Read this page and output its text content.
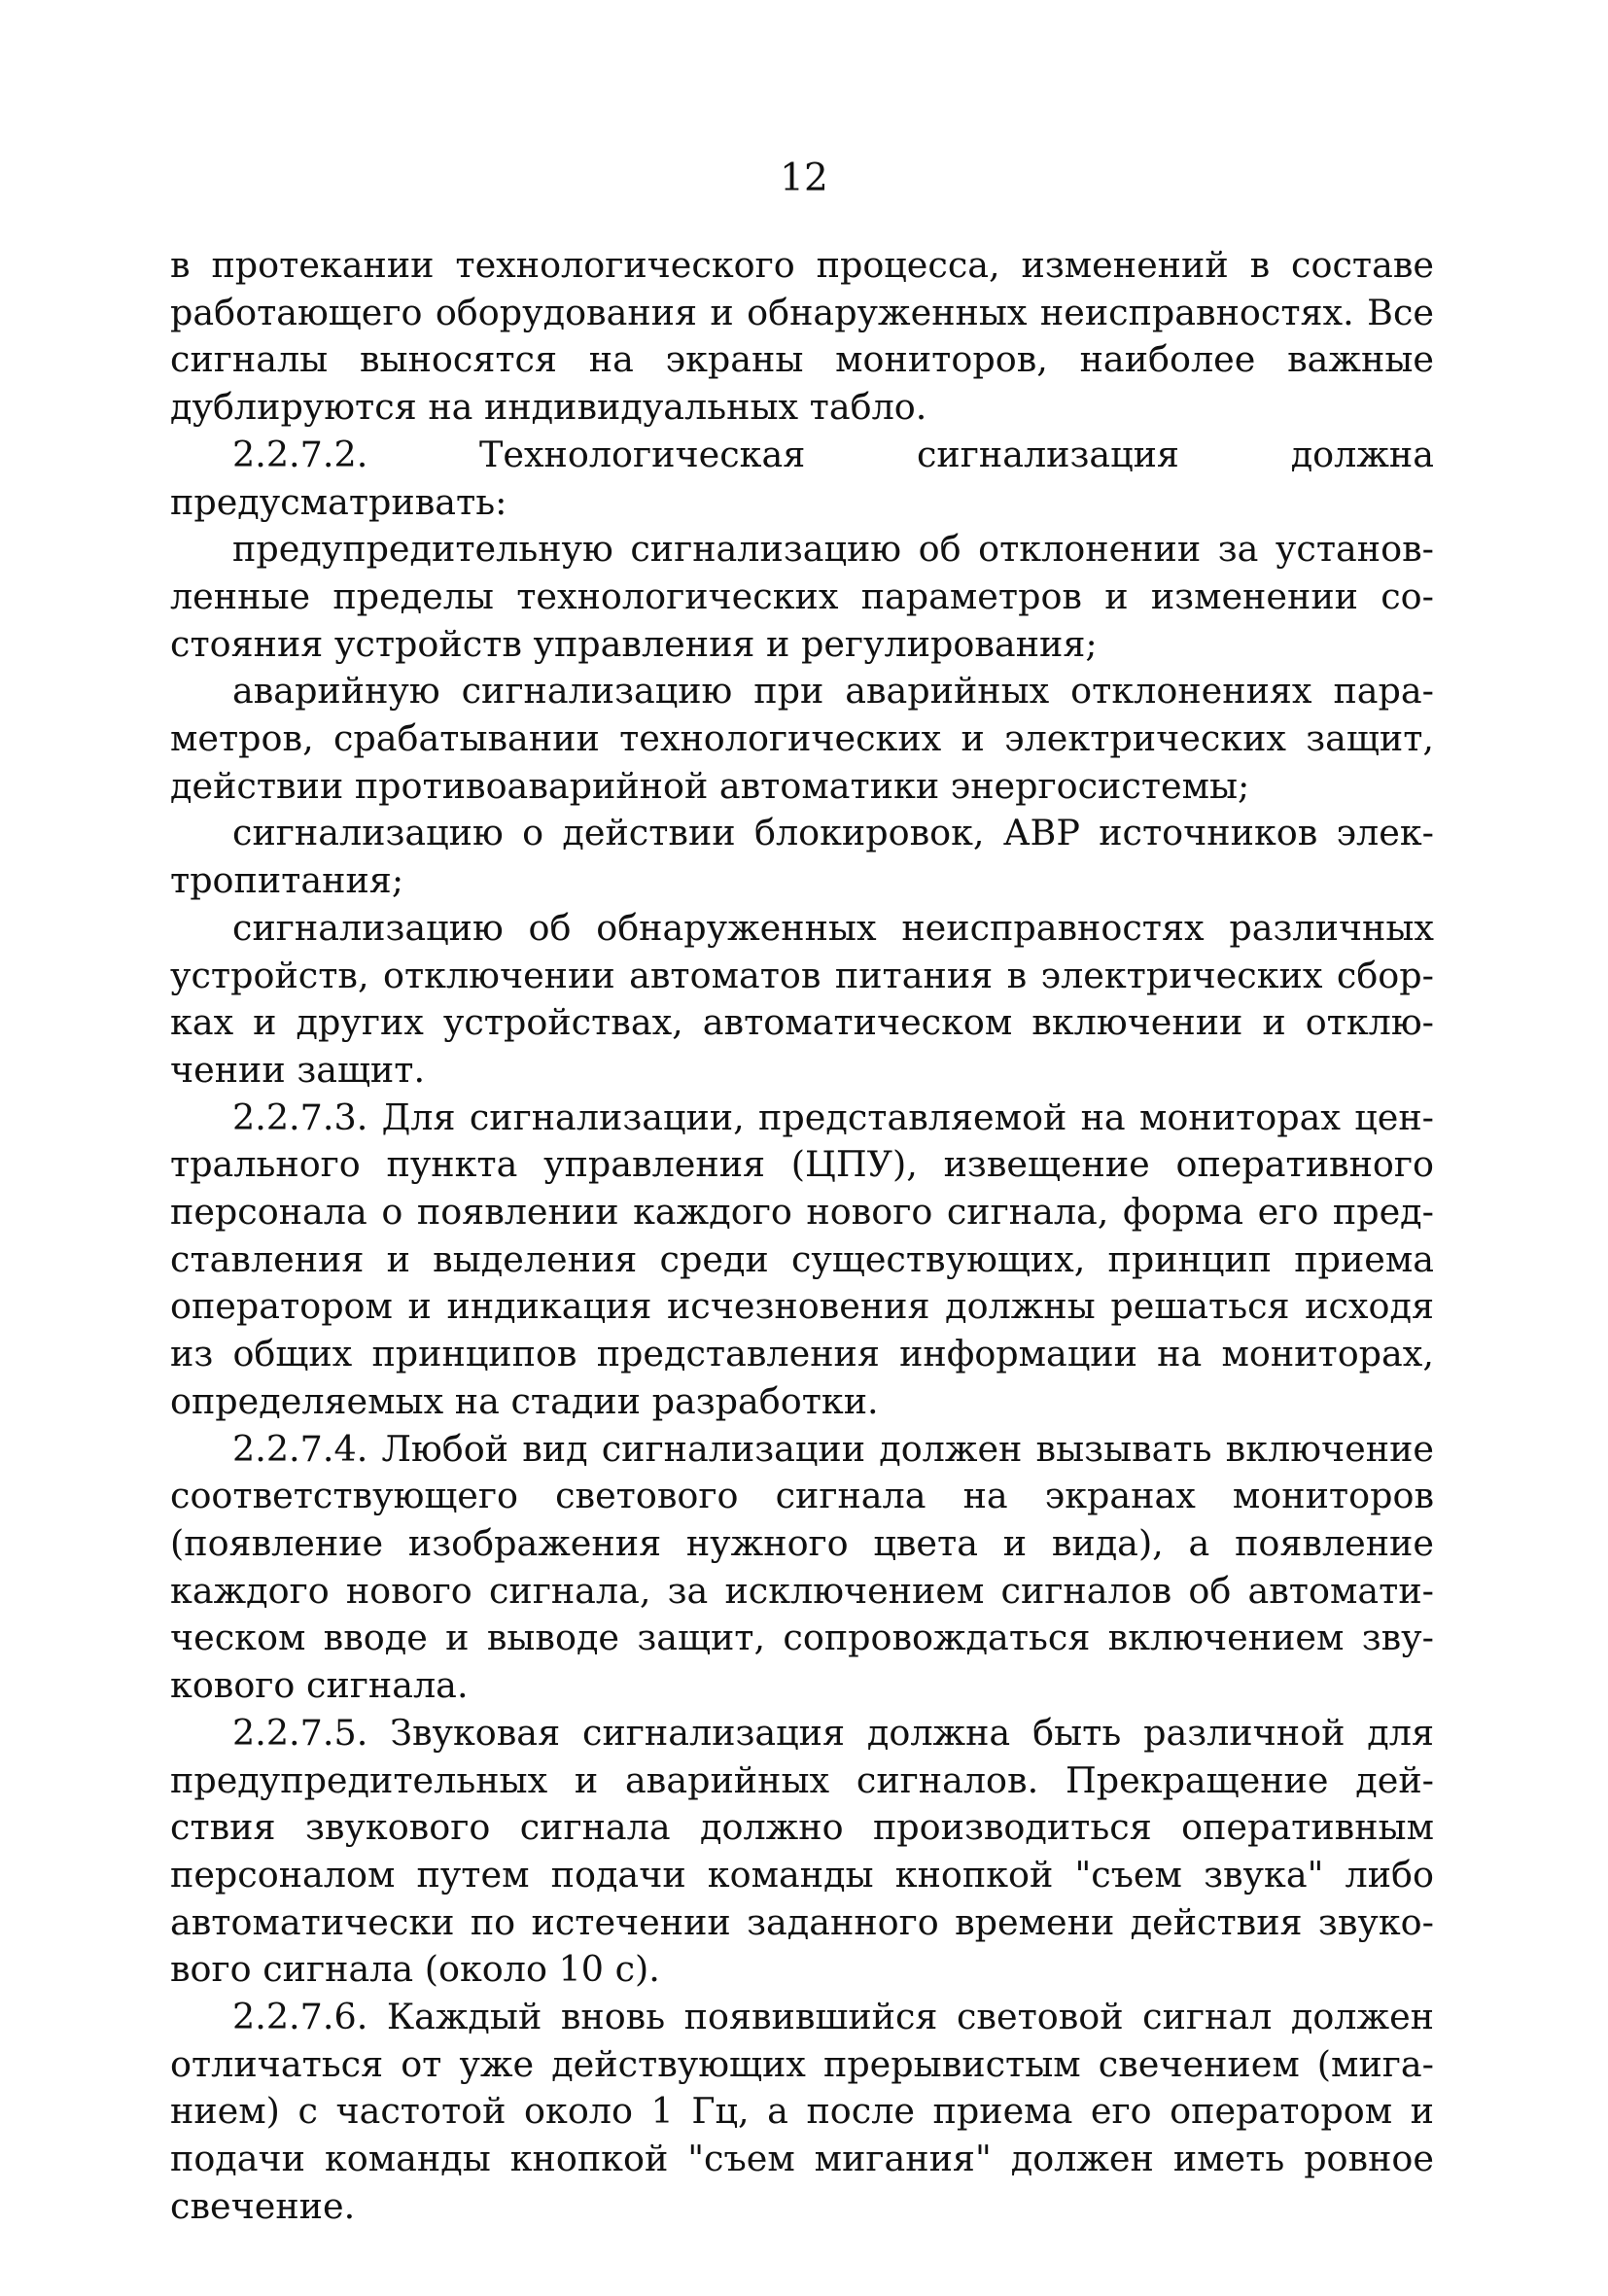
12

в протекании технологического процесса, изменений в составе работающего оборудования и обнаруженных неисправностях. Все сигналы выносятся на экраны мониторов, наиболее важные дублируются на индивидуальных табло.

2.2.7.2. Технологическая сигнализация должна предусматривать:

предупредительную сигнализацию об отклонении за установленные пределы технологических параметров и изменении состояния устройств управления и регулирования;

аварийную сигнализацию при аварийных отклонениях параметров, срабатывании технологических и электрических защит, действии противоаварийной автоматики энергосистемы;

сигнализацию о действии блокировок, АВР источников электропитания;

сигнализацию об обнаруженных неисправностях различных устройств, отключении автоматов питания в электрических сборках и других устройствах, автоматическом включении и отключении защит.

2.2.7.3. Для сигнализации, представляемой на мониторах центрального пункта управления (ЦПУ), извещение оперативного персонала о появлении каждого нового сигнала, форма его представления и выделения среди существующих, принцип приема оператором и индикация исчезновения должны решаться исходя из общих принципов представления информации на мониторах, определяемых на стадии разработки.

2.2.7.4. Любой вид сигнализации должен вызывать включение соответствующего светового сигнала на экранах мониторов (появление изображения нужного цвета и вида), а появление каждого нового сигнала, за исключением сигналов об автоматическом вводе и выводе защит, сопровождаться включением звукового сигнала.

2.2.7.5. Звуковая сигнализация должна быть различной для предупредительных и аварийных сигналов. Прекращение действия звукового сигнала должно производиться оперативным персоналом путем подачи команды кнопкой "съем звука" либо автоматически по истечении заданного времени действия звукового сигнала (около 10 с).

2.2.7.6. Каждый вновь появившийся световой сигнал должен отличаться от уже действующих прерывистым свечением (миганием) с частотой около 1 Гц, а после приема его оператором и подачи команды кнопкой "съем мигания" должен иметь ровное свечение.
